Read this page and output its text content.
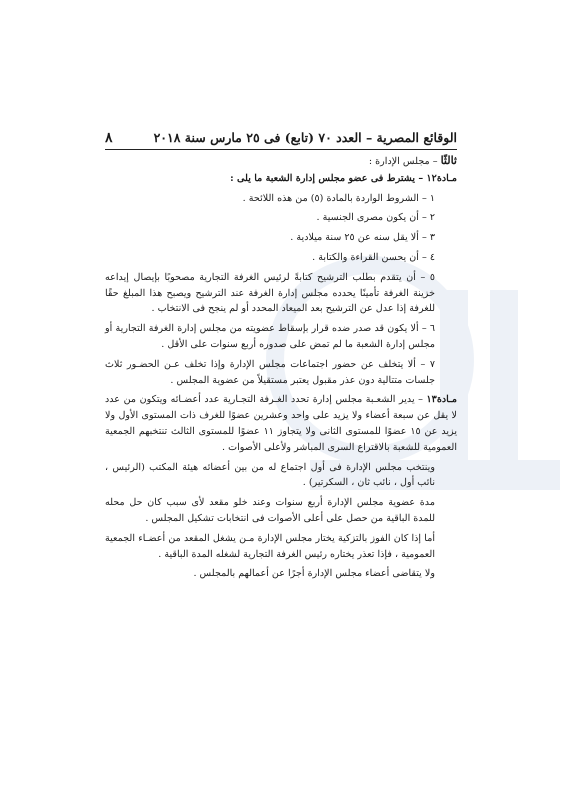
الوقائع المصرية – العدد ٧٠ (تابع) فى ٢٥ مارس سنة ٢٠١٨
٨

ثالثًا – مجلس الإدارة :

مـادة١٢ – يشترط فى عضو مجلس إدارة الشعبة ما يلى :

١ – الشروط الواردة بالمادة (٥) من هذه اللائحة .

٢ – أن يكون مصرى الجنسية .

٣ – ألا يقل سنه عن ٢٥ سنة ميلادية .

٤ – أن يحسن القراءة والكتابة .

٥ – أن يتقدم بطلب الترشيح كتابةً لرئيس الغرفة التجارية مصحوبًا بإيصال إيداعه خزينة الغرفة تأمينًا يحدده مجلس إدارة الغرفة عند الترشيح ويصبح هذا المبلغ حقًا للغرفة إذا عدل عن الترشيح بعد الميعاد المحدد أو لم ينجح فى الانتخاب .

٦ – ألا يكون قد صدر ضده قرار بإسقاط عضويته من مجلس إدارة الغرفة التجارية أو مجلس إدارة الشعبة ما لم تمض على صدوره أربع سنوات على الأقل .

٧ – ألا يتخلف عن حضور اجتماعات مجلس الإدارة وإذا تخلف عـن الحضـور ثلاث جلسات متتالية دون عذر مقبول يعتبر مستقيلاً من عضوية المجلس .

مـادة١٣ – يدير الشعـبة مجلس إدارة تحدد الغـرفة التجـارية عدد أعضـائه ويتكون من عدد لا يقل عن سبعة أعضاء ولا يزيد على واحد وعشرين عضوًا للغرف ذات المستوى الأول ولا يزيد عن ١٥ عضوًا للمستوى الثانى ولا يتجاوز ١١ عضوًا للمستوى الثالث تنتخبهم الجمعية العمومية للشعبة بالاقتراع السرى المباشر ولأعلى الأصوات .

وينتخب مجلس الإدارة فى أول اجتماع له من بين أعضائه هيئة المكتب (الرئيس ، نائب أول ، نائب ثان ، السكرتير) .

مدة عضوية مجلس الإدارة أربع سنوات وعند خلو مقعد لأى سبب كان حل محله للمدة الباقية من حصل على أعلى الأصوات فى انتخابات تشكيل المجلس .

أما إذا كان الفوز بالتزكية يختار مجلس الإدارة مـن يشغل المقعد من أعضـاء الجمعية العمومية ، فإذا تعذر يختاره رئيس الغرفة التجارية لشغله المدة الباقية .

ولا يتقاضى أعضاء مجلس الإدارة أجرًا عن أعمالهم بالمجلس .
